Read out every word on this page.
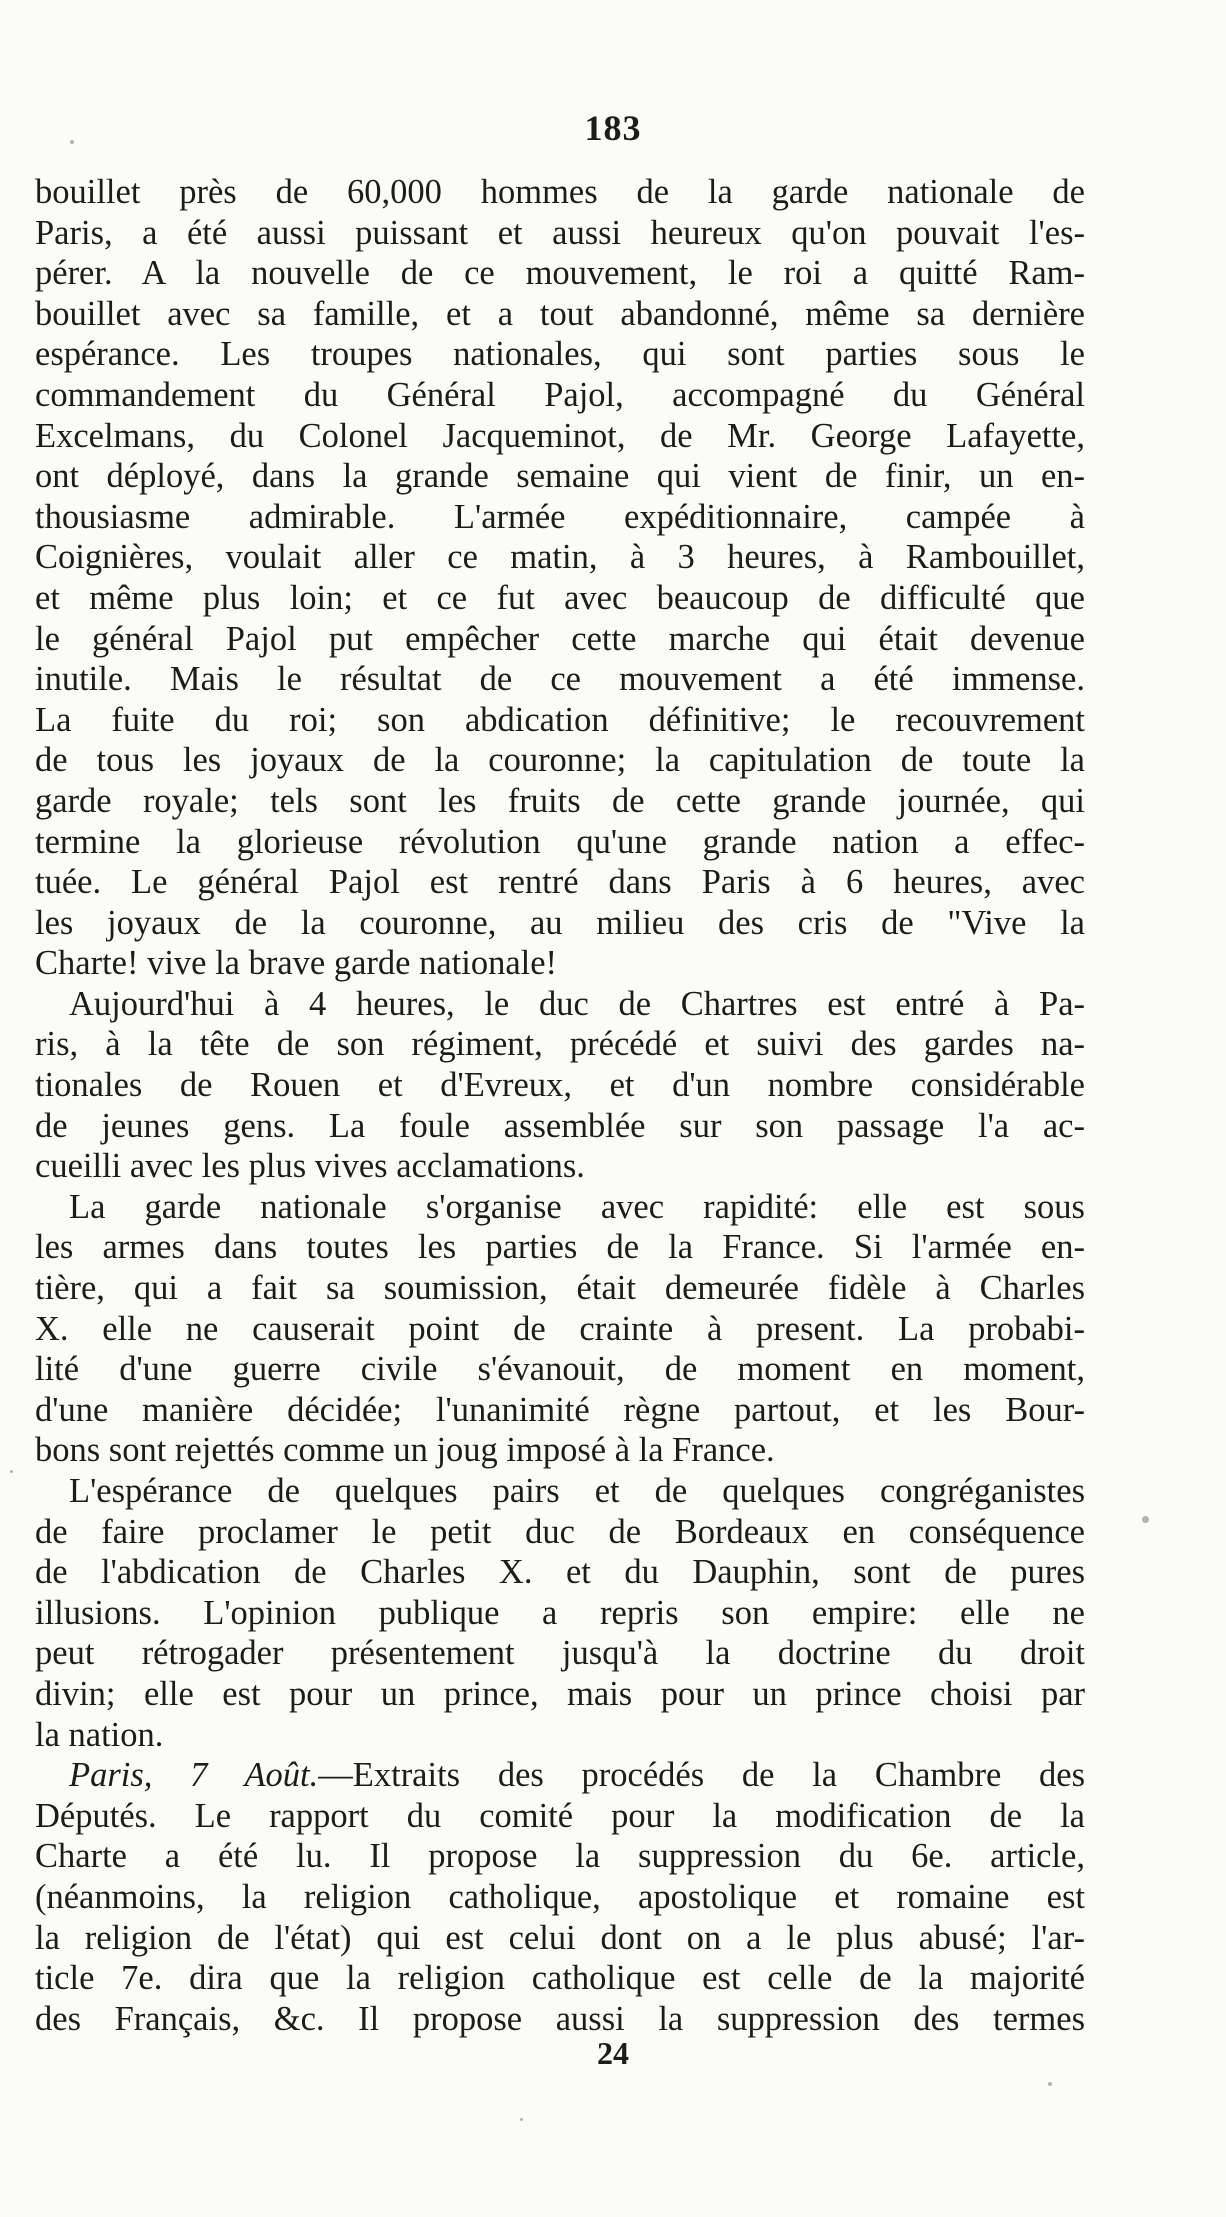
183
bouillet près de 60,000 hommes de la garde nationale de
Paris, a été aussi puissant et aussi heureux qu'on pouvait l'es-
pérer. A la nouvelle de ce mouvement, le roi a quitté Ram-
bouillet avec sa famille, et a tout abandonné, même sa dernière
espérance. Les troupes nationales, qui sont parties sous le
commandement du Général Pajol, accompagné du Général
Excelmans, du Colonel Jacqueminot, de Mr. George Lafayette,
ont déployé, dans la grande semaine qui vient de finir, un en-
thousiasme admirable. L'armée expéditionnaire, campée à
Coignières, voulait aller ce matin, à 3 heures, à Rambouillet,
et même plus loin; et ce fut avec beaucoup de difficulté que
le général Pajol put empêcher cette marche qui était devenue
inutile. Mais le résultat de ce mouvement a été immense.
La fuite du roi; son abdication définitive; le recouvrement
de tous les joyaux de la couronne; la capitulation de toute la
garde royale; tels sont les fruits de cette grande journée, qui
termine la glorieuse révolution qu'une grande nation a effec-
tuée. Le général Pajol est rentré dans Paris à 6 heures, avec
les joyaux de la couronne, au milieu des cris de "Vive la
Charte! vive la brave garde nationale!
Aujourd'hui à 4 heures, le duc de Chartres est entré à Pa-
ris, à la tête de son régiment, précédé et suivi des gardes na-
tionales de Rouen et d'Evreux, et d'un nombre considérable
de jeunes gens. La foule assemblée sur son passage l'a ac-
cueilli avec les plus vives acclamations.
La garde nationale s'organise avec rapidité: elle est sous
les armes dans toutes les parties de la France. Si l'armée en-
tière, qui a fait sa soumission, était demeurée fidèle à Charles
X. elle ne causerait point de crainte à present. La probabi-
lité d'une guerre civile s'évanouit, de moment en moment,
d'une manière décidée; l'unanimité règne partout, et les Bour-
bons sont rejettés comme un joug imposé à la France.
L'espérance de quelques pairs et de quelques congréganistes
de faire proclamer le petit duc de Bordeaux en conséquence
de l'abdication de Charles X. et du Dauphin, sont de pures
illusions. L'opinion publique a repris son empire: elle ne
peut rétrogader présentement jusqu'à la doctrine du droit
divin; elle est pour un prince, mais pour un prince choisi par
la nation.
Paris, 7 Août.—Extraits des procédés de la Chambre des
Députés. Le rapport du comité pour la modification de la
Charte a été lu. Il propose la suppression du 6e. article,
(néanmoins, la religion catholique, apostolique et romaine est
la religion de l'état) qui est celui dont on a le plus abusé; l'ar-
ticle 7e. dira que la religion catholique est celle de la majorité
des Français, &c. Il propose aussi la suppression des termes
24
